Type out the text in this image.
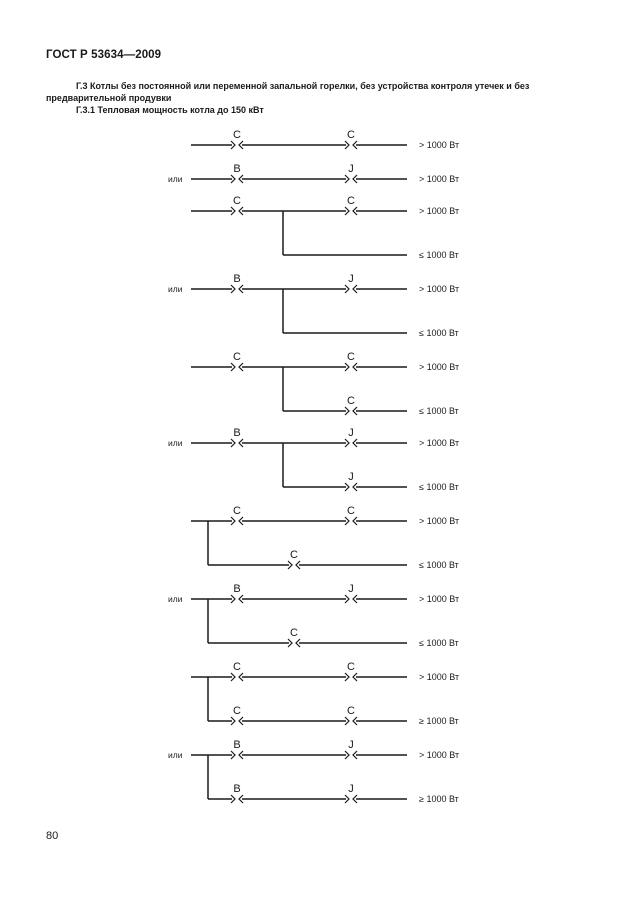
ГОСТ Р 53634—2009
Г.3 Котлы без постоянной или переменной запальной горелки, без устройства контроля утечек и без предварительной продувки
Г.3.1 Тепловая мощность котла до 150 кВт
C	C
> 1000 Вт
или
B	J
> 1000 Вт
≤ 1000 Вт
C	C
> 1000 Вт
или
≤ 1000 Вт
B	J
> 1000 Вт
C
≤ 1000 Вт
C	C
> 1000 Вт
или
J
≤ 1000 Вт
B	J
> 1000 Вт
C
≤ 1000 Вт
C	C
> 1000 Вт
или
C
≤ 1000 Вт
B	J
> 1000 Вт
C	C
≥ 1000 Вт
C	C
> 1000 Вт
или
B	J
≥ 1000 Вт
B	J
> 1000 Вт
80
